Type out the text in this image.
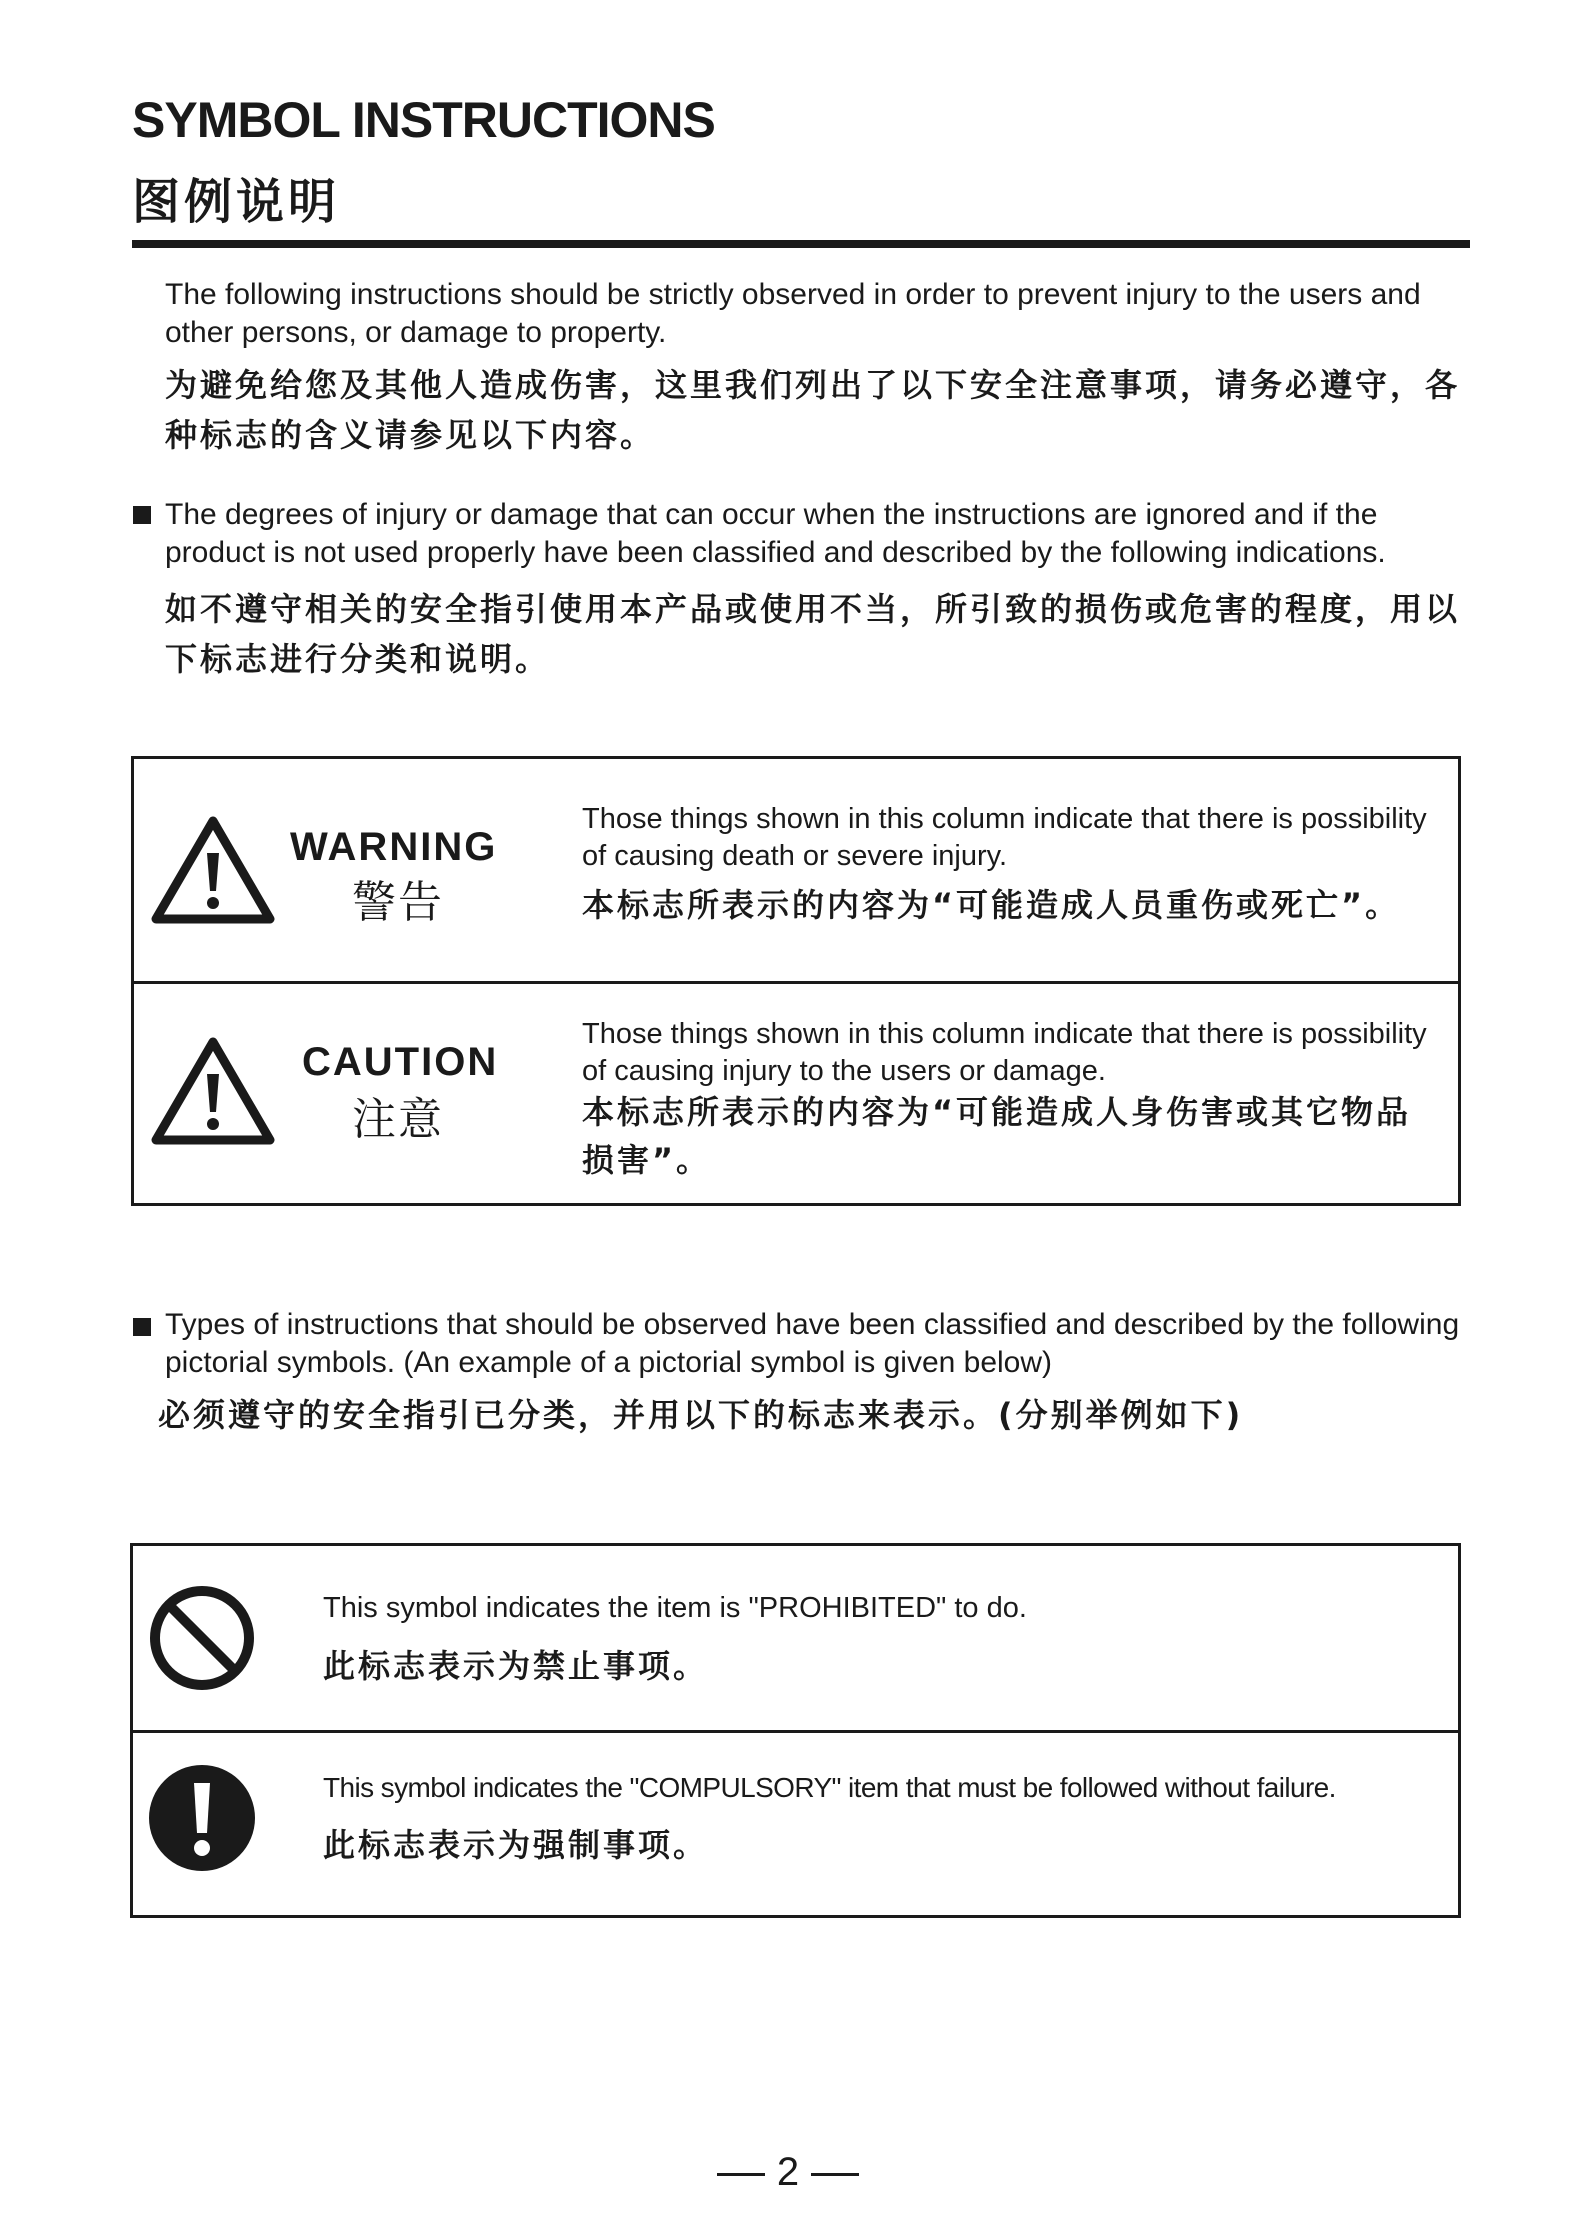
SYMBOL INSTRUCTIONS
图例说明

The following instructions should be strictly observed in order to prevent injury to the users and other persons, or damage to property.

为避免给您及其他人造成伤害，这里我们列出了以下安全注意事项，请务必遵守，各种标志的含义请参见以下内容。

The degrees of injury or damage that can occur when the instructions are ignored and if the product is not used properly have been classified and described by the following indications.

如不遵守相关的安全指引使用本产品或使用不当，所引致的损伤或危害的程度，用以下标志进行分类和说明。

WARNING

警告

Those things shown in this column indicate that there is possibility of causing death or severe injury.

本标志所表示的内容为“可能造成人员重伤或死亡”。

CAUTION

注意

Those things shown in this column indicate that there is possibility of causing injury to the users or damage.

本标志所表示的内容为“可能造成人身伤害或其它物品损害”。

Types of instructions that should be observed have been classified and described by the following pictorial symbols. (An example of a pictorial symbol is given below)

必须遵守的安全指引已分类，并用以下的标志来表示。(分别举例如下)

This symbol indicates the item is "PROHIBITED" to do.

此标志表示为禁止事项。

This symbol indicates the "COMPULSORY" item that must be followed without failure.

此标志表示为强制事项。

2
